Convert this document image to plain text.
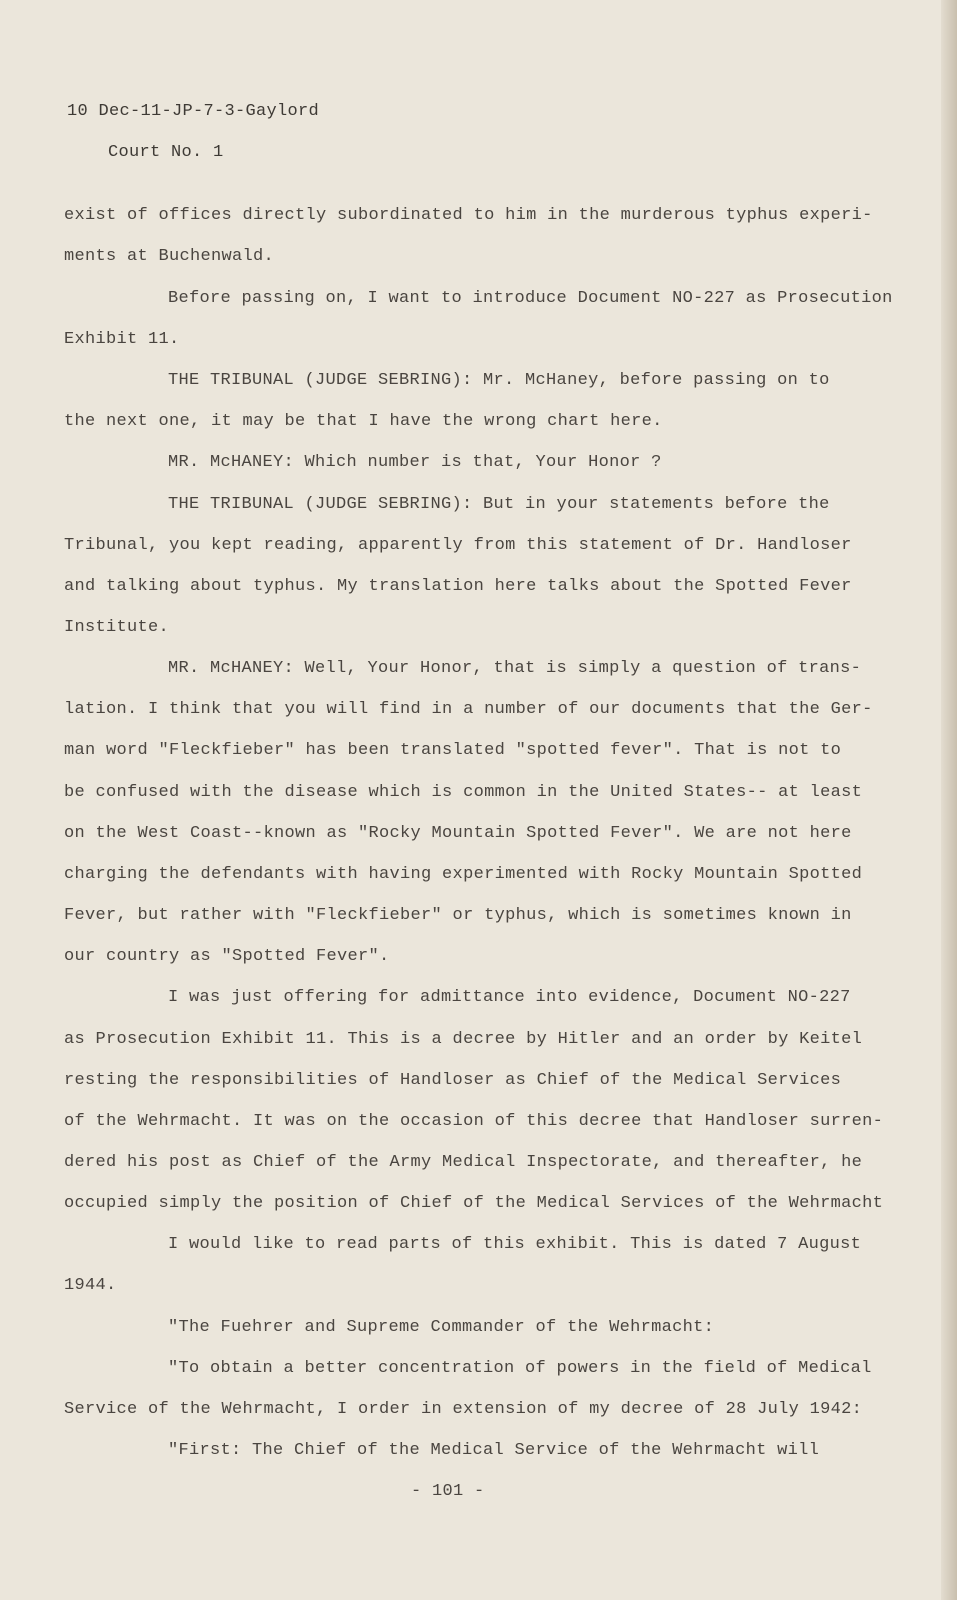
10 Dec-11-JP-7-3-Gaylord
Court No. 1
exist of offices directly subordinated to him in the murderous typhus experi-
ments at Buchenwald.
Before passing on, I want to introduce Document NO-227 as Prosecution
Exhibit 11.
THE TRIBUNAL (JUDGE SEBRING): Mr. McHaney, before passing on to
the next one, it may be that I have the wrong chart here.
MR. McHANEY: Which number is that, Your Honor ?
THE TRIBUNAL (JUDGE SEBRING): But in your statements before the
Tribunal, you kept reading, apparently from this statement of Dr. Handloser
and talking about typhus. My translation here talks about the Spotted Fever
Institute.
MR. McHANEY: Well, Your Honor, that is simply a question of trans-
lation. I think that you will find in a number of our documents that the Ger-
man word "Fleckfieber" has been translated "spotted fever". That is not to
be confused with the disease which is common in the United States-- at least
on the West Coast--known as "Rocky Mountain Spotted Fever". We are not here
charging the defendants with having experimented with Rocky Mountain Spotted
Fever, but rather with "Fleckfieber" or typhus, which is sometimes known in
our country as "Spotted Fever".
I was just offering for admittance into evidence, Document NO-227
as Prosecution Exhibit 11. This is a decree by Hitler and an order by Keitel
resting the responsibilities of Handloser as Chief of the Medical Services
of the Wehrmacht. It was on the occasion of this decree that Handloser surren-
dered his post as Chief of the Army Medical Inspectorate, and thereafter, he
occupied simply the position of Chief of the Medical Services of the Wehrmacht
I would like to read parts of this exhibit. This is dated 7 August
1944.
"The Fuehrer and Supreme Commander of the Wehrmacht:
"To obtain a better concentration of powers in the field of Medical
Service of the Wehrmacht, I order in extension of my decree of 28 July 1942:
"First: The Chief of the Medical Service of the Wehrmacht will
- 101 -
